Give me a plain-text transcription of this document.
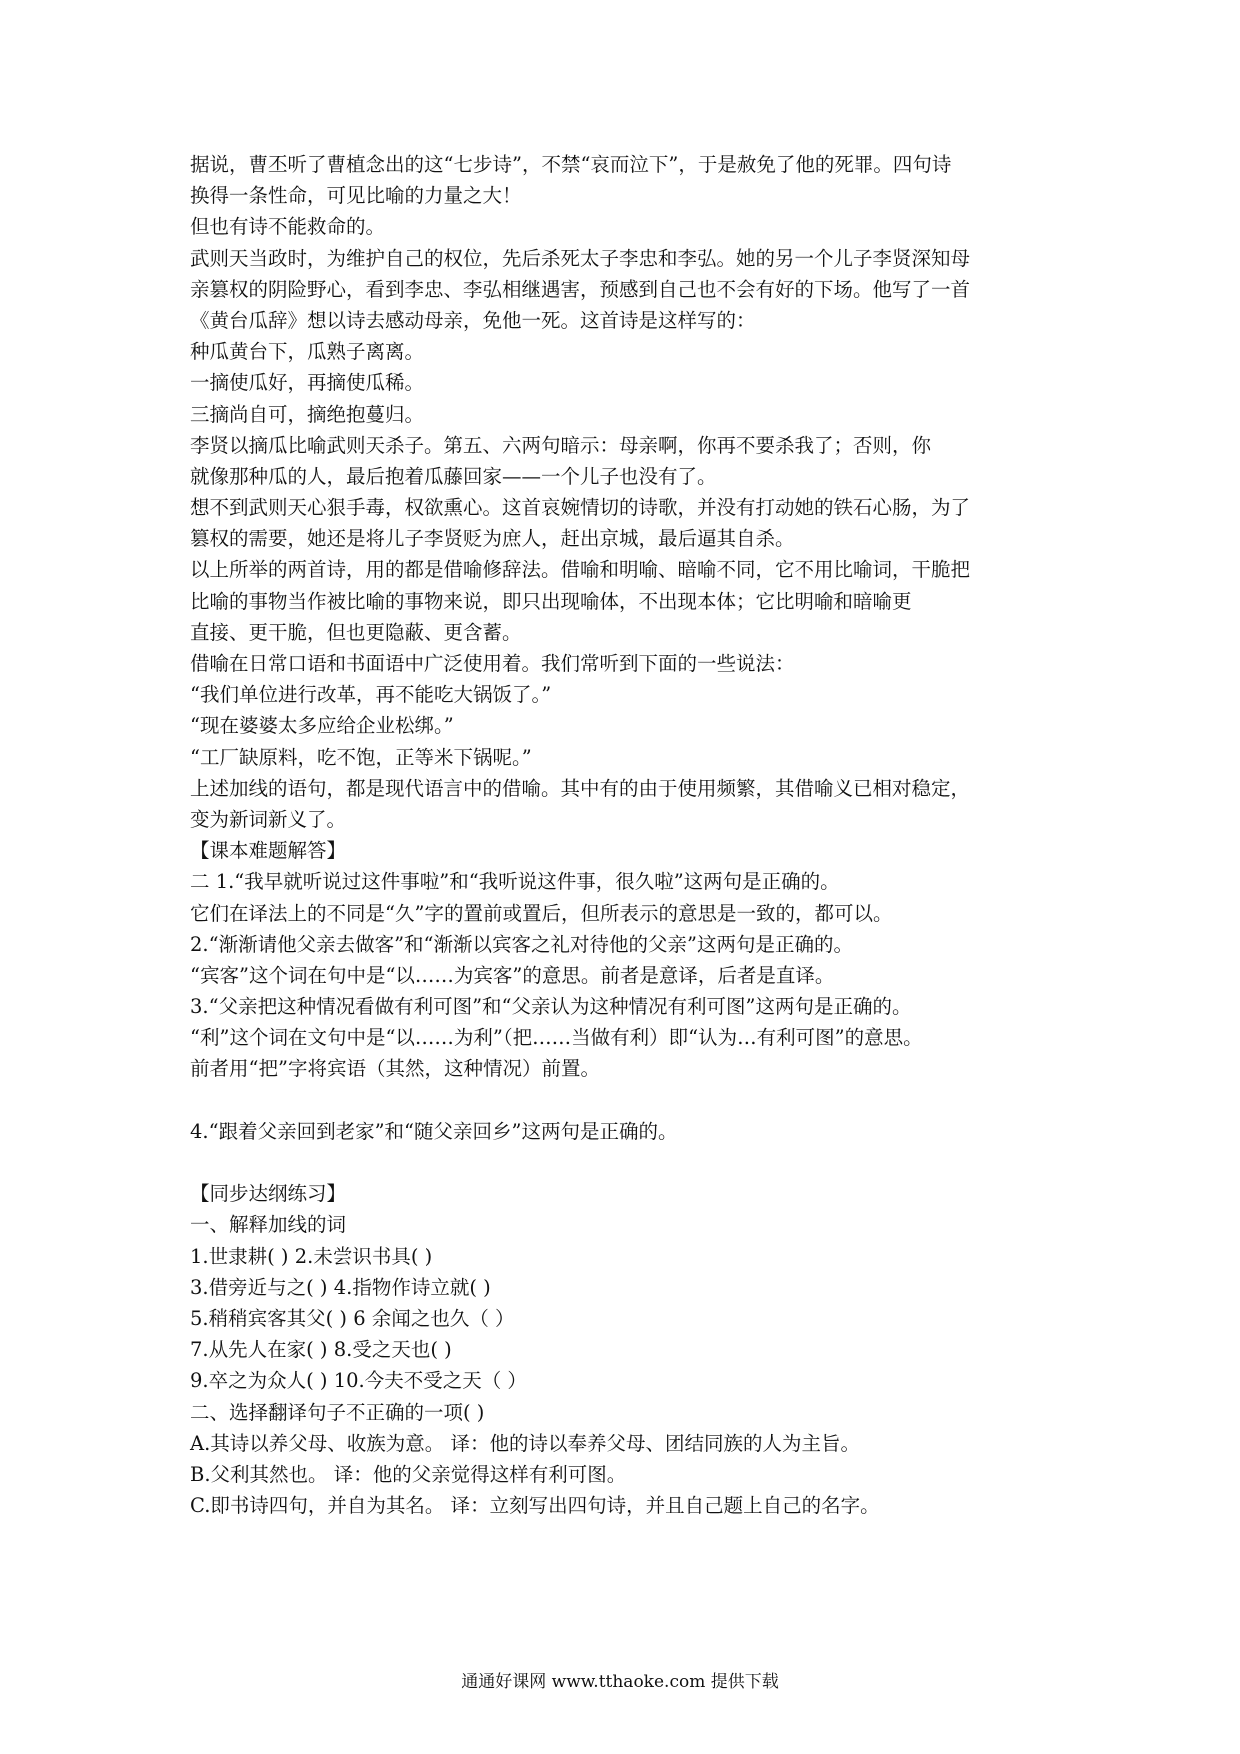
据说，曹丕听了曹植念出的这“七步诗”，不禁“哀而泣下”，于是赦免了他的死罪。四句诗
换得一条性命，可见比喻的力量之大！
但也有诗不能救命的。
武则天当政时，为维护自己的权位，先后杀死太子李忠和李弘。她的另一个儿子李贤深知母
亲篡权的阴险野心，看到李忠、李弘相继遇害，预感到自己也不会有好的下场。他写了一首
《黄台瓜辞》想以诗去感动母亲，免他一死。这首诗是这样写的：
种瓜黄台下，瓜熟子离离。
一摘使瓜好，再摘使瓜稀。
三摘尚自可，摘绝抱蔓归。
李贤以摘瓜比喻武则天杀子。第五、六两句暗示：母亲啊，你再不要杀我了；否则，你
就像那种瓜的人，最后抱着瓜藤回家——一个儿子也没有了。
想不到武则天心狠手毒，权欲熏心。这首哀婉情切的诗歌，并没有打动她的铁石心肠，为了
篡权的需要，她还是将儿子李贤贬为庶人，赶出京城，最后逼其自杀。
以上所举的两首诗，用的都是借喻修辞法。借喻和明喻、暗喻不同，它不用比喻词，干脆把
比喻的事物当作被比喻的事物来说，即只出现喻体，不出现本体；它比明喻和暗喻更
直接、更干脆，但也更隐蔽、更含蓄。
借喻在日常口语和书面语中广泛使用着。我们常听到下面的一些说法：
“我们单位进行改革，再不能吃大锅饭了。”
“现在婆婆太多应给企业松绑。”
“工厂缺原料，吃不饱，正等米下锅呢。”
上述加线的语句，都是现代语言中的借喻。其中有的由于使用频繁，其借喻义已相对稳定，
变为新词新义了。
【课本难题解答】
二 1.“我早就听说过这件事啦”和“我听说这件事，很久啦”这两句是正确的。
它们在译法上的不同是“久”字的置前或置后，但所表示的意思是一致的，都可以。
2.“渐渐请他父亲去做客”和“渐渐以宾客之礼对待他的父亲”这两句是正确的。
“宾客”这个词在句中是“以……为宾客”的意思。前者是意译，后者是直译。
3.“父亲把这种情况看做有利可图”和“父亲认为这种情况有利可图”这两句是正确的。
“利”这个词在文句中是“以……为利”（把……当做有利）即“认为…有利可图”的意思。
前者用“把”字将宾语（其然，这种情况）前置。
4.“跟着父亲回到老家”和“随父亲回乡”这两句是正确的。
【同步达纲练习】
一、解释加线的词
1.世隶耕( ) 2.未尝识书具( )
3.借旁近与之( ) 4.指物作诗立就( )
5.稍稍宾客其父( ) 6 余闻之也久（ ）
7.从先人在家( ) 8.受之天也( )
9.卒之为众人( ) 10.今夫不受之天（ ）
二、选择翻译句子不正确的一项( )
A.其诗以养父母、收族为意。 译：他的诗以奉养父母、团结同族的人为主旨。
B.父利其然也。 译：他的父亲觉得这样有利可图。
C.即书诗四句，并自为其名。 译：立刻写出四句诗，并且自己题上自己的名字。
通通好课网 www.tthaoke.com 提供下载
